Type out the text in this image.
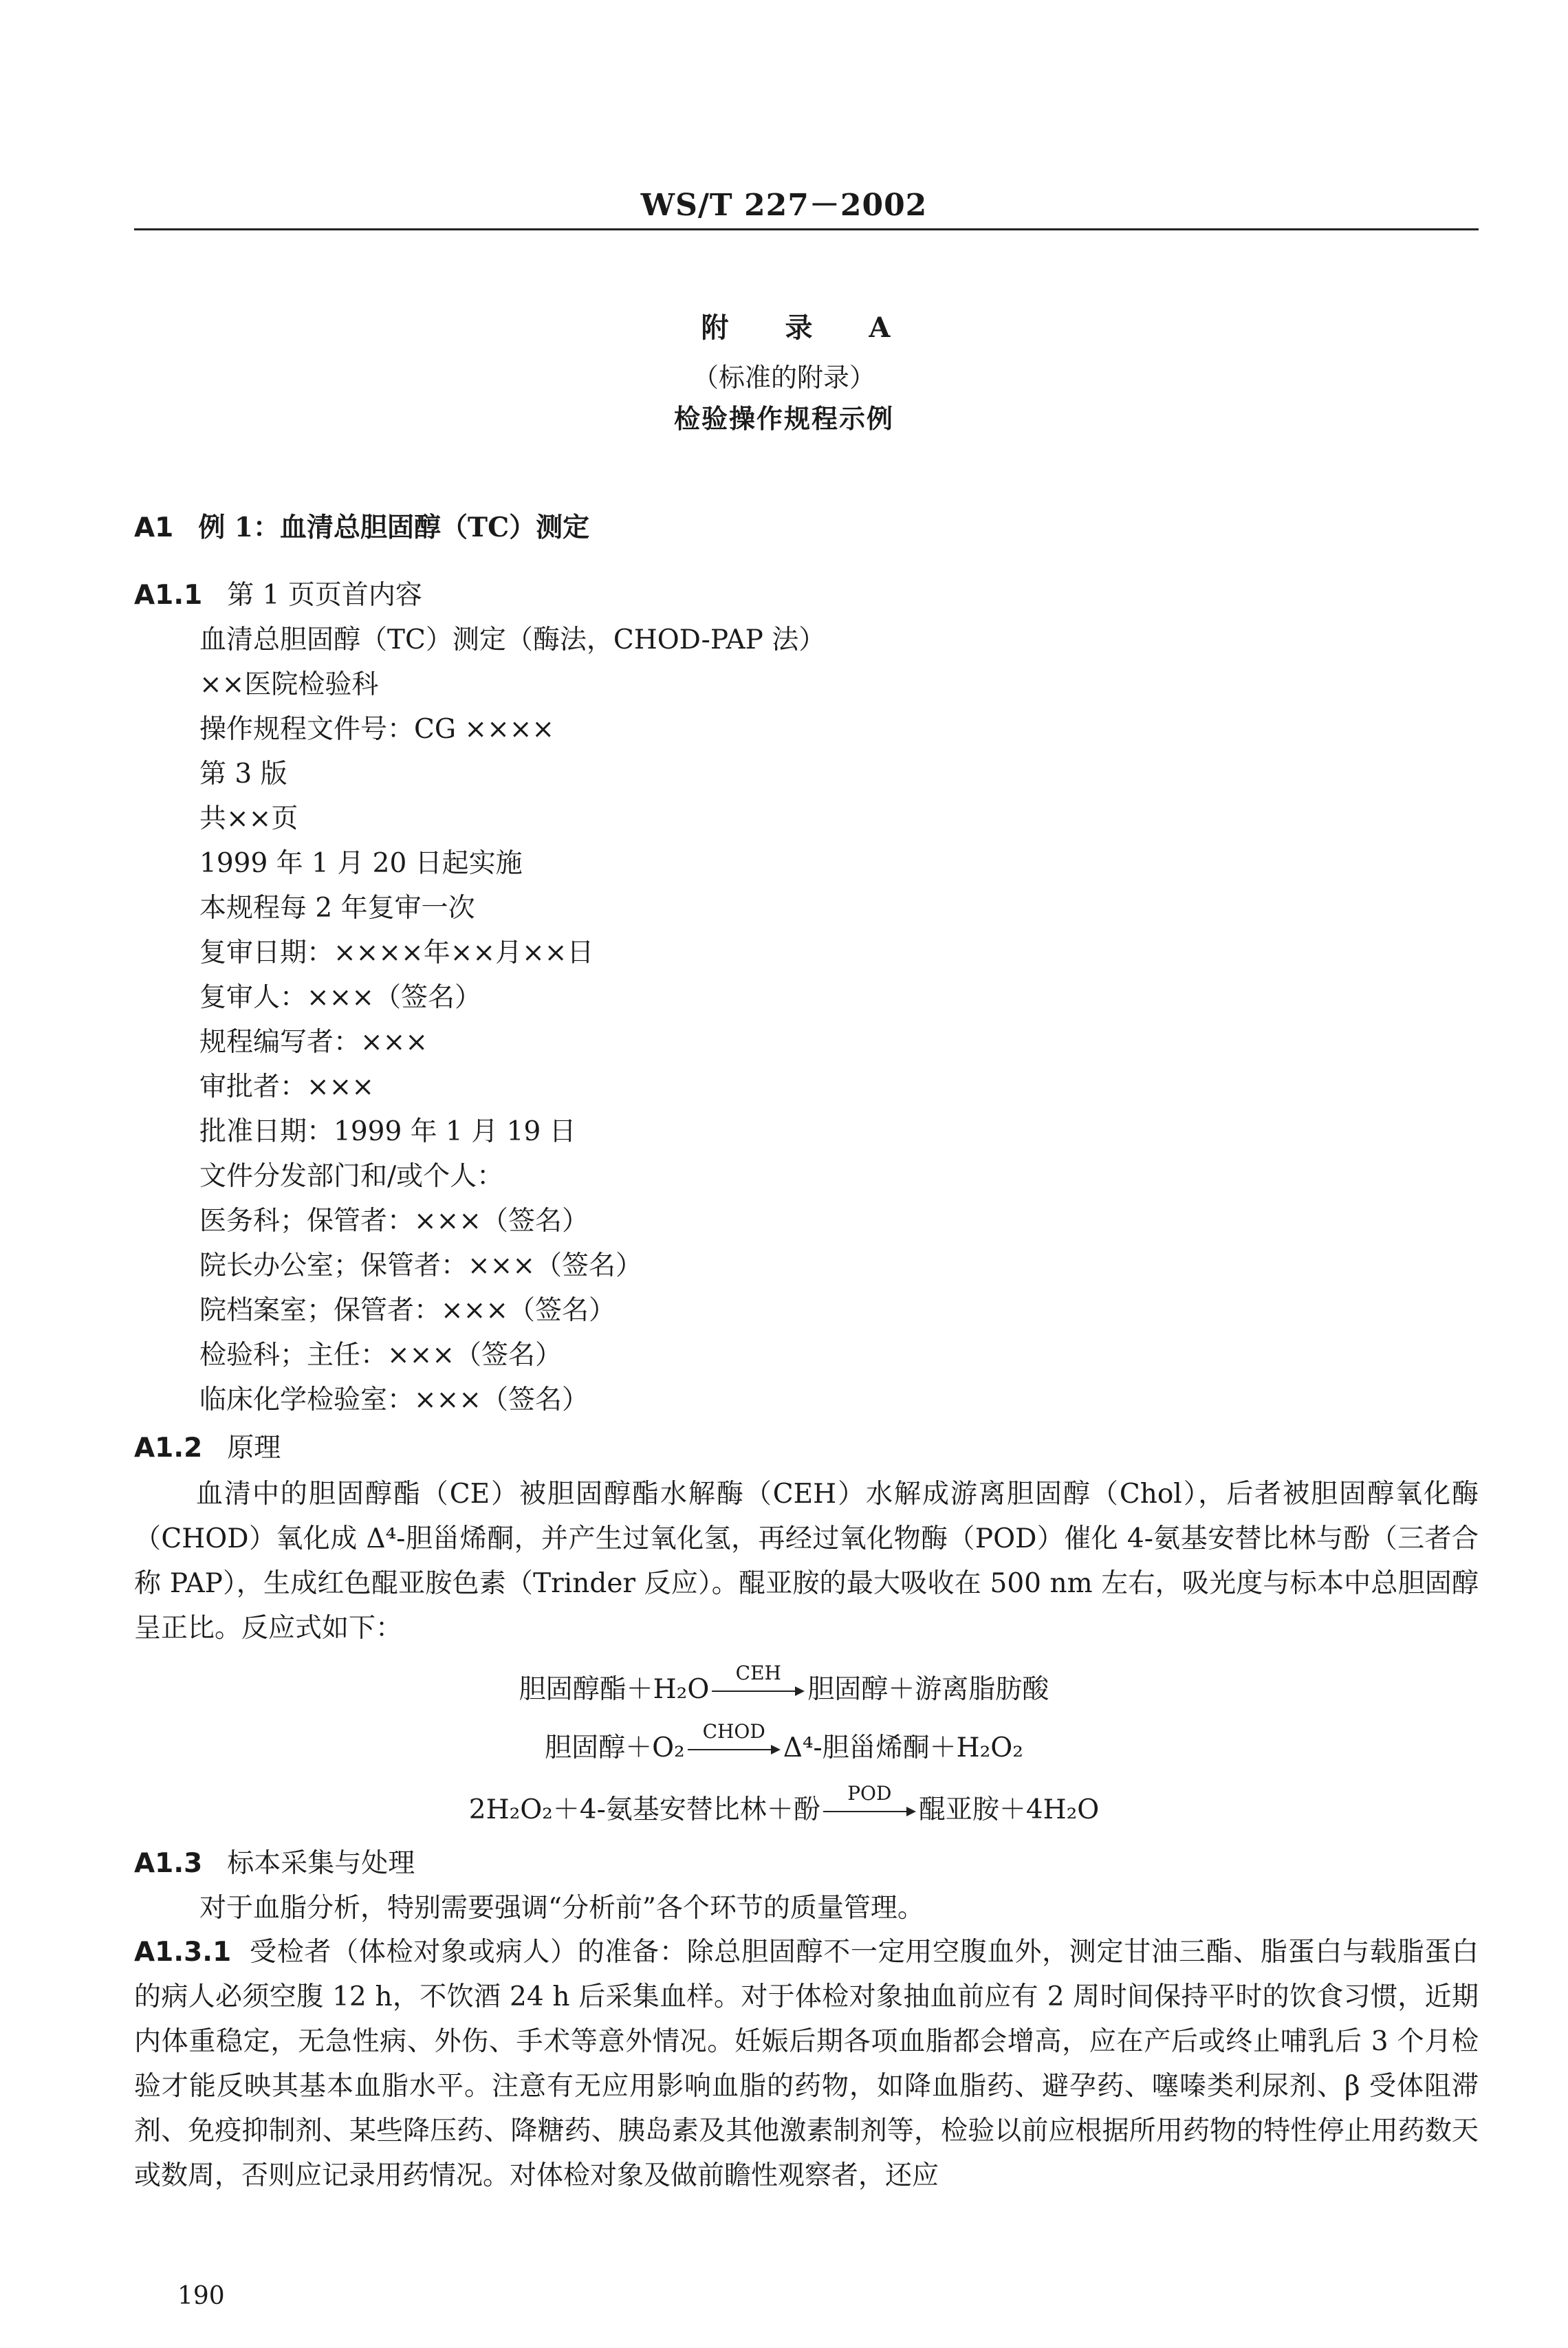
WS/T 227－2002
附 录 A
（标准的附录）
检验操作规程示例
A1 例 1：血清总胆固醇（TC）测定
A1.1 第 1 页页首内容
血清总胆固醇（TC）测定（酶法，CHOD-PAP 法）
××医院检验科
操作规程文件号：CG ××××
第 3 版
共××页
1999 年 1 月 20 日起实施
本规程每 2 年复审一次
复审日期：××××年××月××日
复审人：×××（签名）
规程编写者：×××
审批者：×××
批准日期：1999 年 1 月 19 日
文件分发部门和/或个人：
医务科；保管者：×××（签名）
院长办公室；保管者：×××（签名）
院档案室；保管者：×××（签名）
检验科；主任：×××（签名）
临床化学检验室：×××（签名）
A1.2 原理
血清中的胆固醇酯（CE）被胆固醇酯水解酶（CEH）水解成游离胆固醇（Chol），后者被胆固醇氧化酶（CHOD）氧化成 Δ⁴-胆甾烯酮，并产生过氧化氢，再经过氧化物酶（POD）催化 4-氨基安替比林与酚（三者合称 PAP），生成红色醌亚胺色素（Trinder 反应）。醌亚胺的最大吸收在 500 nm 左右，吸光度与标本中总胆固醇呈正比。反应式如下：
胆固醇酯＋H₂O
CEH
胆固醇＋游离脂肪酸
胆固醇＋O₂
CHOD
Δ⁴-胆甾烯酮＋H₂O₂
2H₂O₂＋4-氨基安替比林＋酚
POD
醌亚胺＋4H₂O
A1.3 标本采集与处理
对于血脂分析，特别需要强调“分析前”各个环节的质量管理。
A1.3.1 受检者（体检对象或病人）的准备：除总胆固醇不一定用空腹血外，测定甘油三酯、脂蛋白与载脂蛋白的病人必须空腹 12 h，不饮酒 24 h 后采集血样。对于体检对象抽血前应有 2 周时间保持平时的饮食习惯，近期内体重稳定，无急性病、外伤、手术等意外情况。妊娠后期各项血脂都会增高，应在产后或终止哺乳后 3 个月检验才能反映其基本血脂水平。注意有无应用影响血脂的药物，如降血脂药、避孕药、噻嗪类利尿剂、β 受体阻滞剂、免疫抑制剂、某些降压药、降糖药、胰岛素及其他激素制剂等，检验以前应根据所用药物的特性停止用药数天或数周，否则应记录用药情况。对体检对象及做前瞻性观察者，还应
190
